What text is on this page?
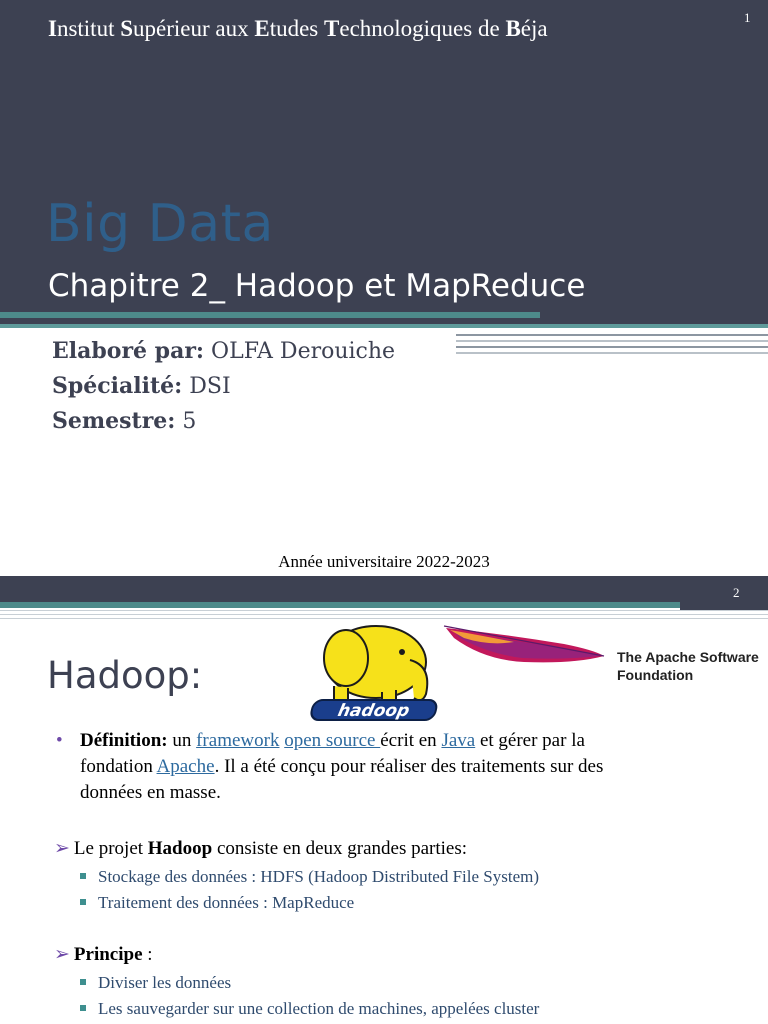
Institut Supérieur aux Etudes Technologiques de Béja	1
Big Data
Chapitre 2_ Hadoop et MapReduce
Elaboré par: OLFA Derouiche
Spécialité: DSI
Semestre: 5
Année universitaire 2022-2023
2
Hadoop:
hadoop
The Apache Software
Foundation
• Définition: un framework open source écrit en Java et gérer par la
fondation Apache. Il a été conçu pour réaliser des traitements sur des
données en masse.
➢ Le projet Hadoop consiste en deux grandes parties:
Stockage des données : HDFS (Hadoop Distributed File System)
Traitement des données : MapReduce
➢ Principe :
Diviser les données
Les sauvegarder sur une collection de machines, appelées cluster
